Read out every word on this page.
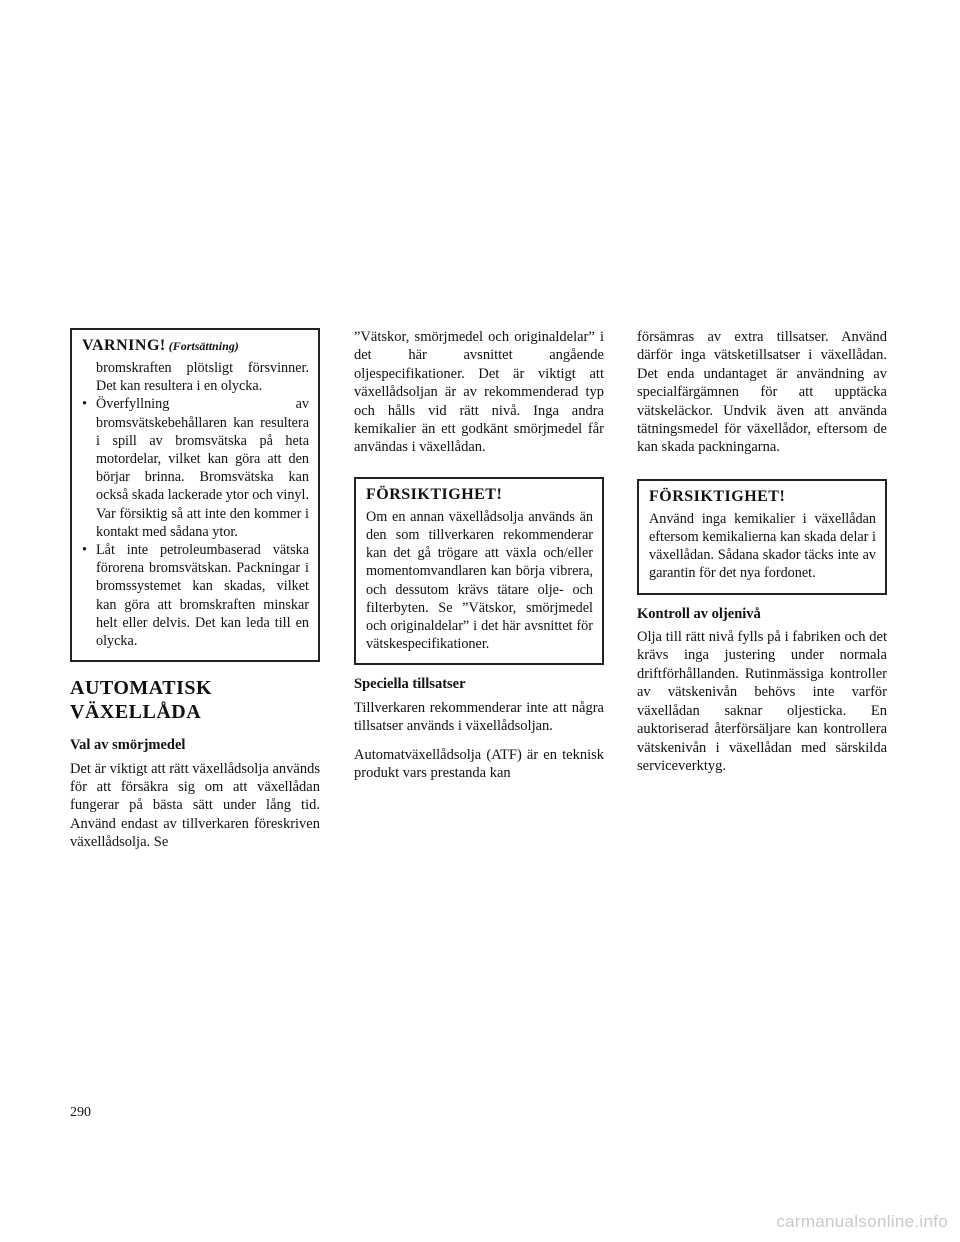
VARNING! (Fortsättning)

bromskraften plötsligt försvinner. Det kan resultera i en olycka.

• Överfyllning av bromsvätskebehållaren kan resultera i spill av bromsvätska på heta motordelar, vilket kan göra att den börjar brinna. Bromsvätska kan också skada lackerade ytor och vinyl. Var försiktig så att inte den kommer i kontakt med sådana ytor.
• Låt inte petroleumbaserad vätska förorena bromsvätskan. Packningar i bromssystemet kan skadas, vilket kan göra att bromskraften minskar helt eller delvis. Det kan leda till en olycka.
AUTOMATISK
VÄXELLÅDA
Val av smörjmedel

Det är viktigt att rätt växellådsolja används för att försäkra sig om att växellådan fungerar på bästa sätt under lång tid. Använd endast av tillverkaren föreskriven växellådsolja. Se

”Vätskor, smörjmedel och originaldelar” i det här avsnittet angående oljespecifikationer. Det är viktigt att växellådsoljan är av rekommenderad typ och hålls vid rätt nivå. Inga andra kemikalier än ett godkänt smörjmedel får användas i växellådan.

FÖRSIKTIGHET!

Om en annan växellådsolja används än den som tillverkaren rekommenderar kan det gå trögare att växla och/eller momentomvandlaren kan börja vibrera, och dessutom krävs tätare olje- och filterbyten. Se ”Vätskor, smörjmedel och originaldelar” i det här avsnittet för vätskespecifikationer.

Speciella tillsatser

Tillverkaren rekommenderar inte att några tillsatser används i växellådsoljan.

Automatväxellådsolja (ATF) är en teknisk produkt vars prestanda kan

försämras av extra tillsatser. Använd därför inga vätsketillsatser i växellådan. Det enda undantaget är användning av specialfärgämnen för att upptäcka vätskeläckor. Undvik även att använda tätningsmedel för växellådor, eftersom de kan skada packningarna.

FÖRSIKTIGHET!

Använd inga kemikalier i växellådan eftersom kemikalierna kan skada delar i växellådan. Sådana skador täcks inte av garantin för det nya fordonet.

Kontroll av oljenivå

Olja till rätt nivå fylls på i fabriken och det krävs inga justering under normala driftförhållanden. Rutinmässiga kontroller av vätskenivån behövs inte varför växellådan saknar oljesticka. En auktoriserad återförsäljare kan kontrollera vätskenivån i växellådan med särskilda serviceverktyg.

290
carmanualsonline.info
